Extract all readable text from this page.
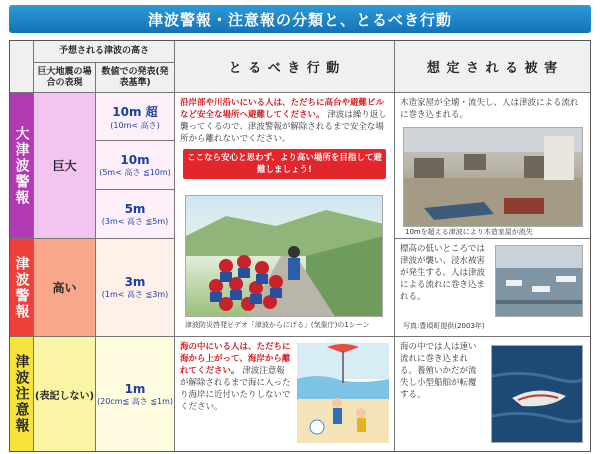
津波警報・注意報の分類と、とるべき行動
予想される津波の高さ
巨大地震の場合の表現
数値での発表(発表基準)
と る べ き 行 動	想 定 さ れ る 被 害
大津波警報
津波警報
津波注意報
巨大
高い
(表記しない)
10m 超
(10m< 高さ)
10m
(5m< 高さ ≦10m)
5m
(3m< 高さ ≦5m)
3m
(1m< 高さ ≦3m)
1m
(20cm≦ 高さ ≦1m)
沿岸部や川沿いにいる人は、ただちに高台や避難ビルなど安全な場所へ避難してください。 津波は繰り返し襲ってくるので、津波警報が解除されるまで安全な場所から離れないでください。
ここなら安心と思わず、より高い場所を目指して避難しましょう!
津波防災啓発ビデオ「津波からにげる」(気象庁)の1シーン
海の中にいる人は、ただちに海から上がって、海岸から離れてください。 津波注意報が解除されるまで海に入ったり海岸に近付いたりしないでください。
木造家屋が全壊・流失し、人は津波による流れに巻き込まれる。
10mを超える津波により木造家屋が流失
標高の低いところでは津波が襲い、浸水被害が発生する。人は津波による流れに巻き込まれる。
写真:豊頃町提供(2003年)
海の中では人は速い流れに巻き込まれる。養殖いかだが流失し小型船舶が転覆する。
